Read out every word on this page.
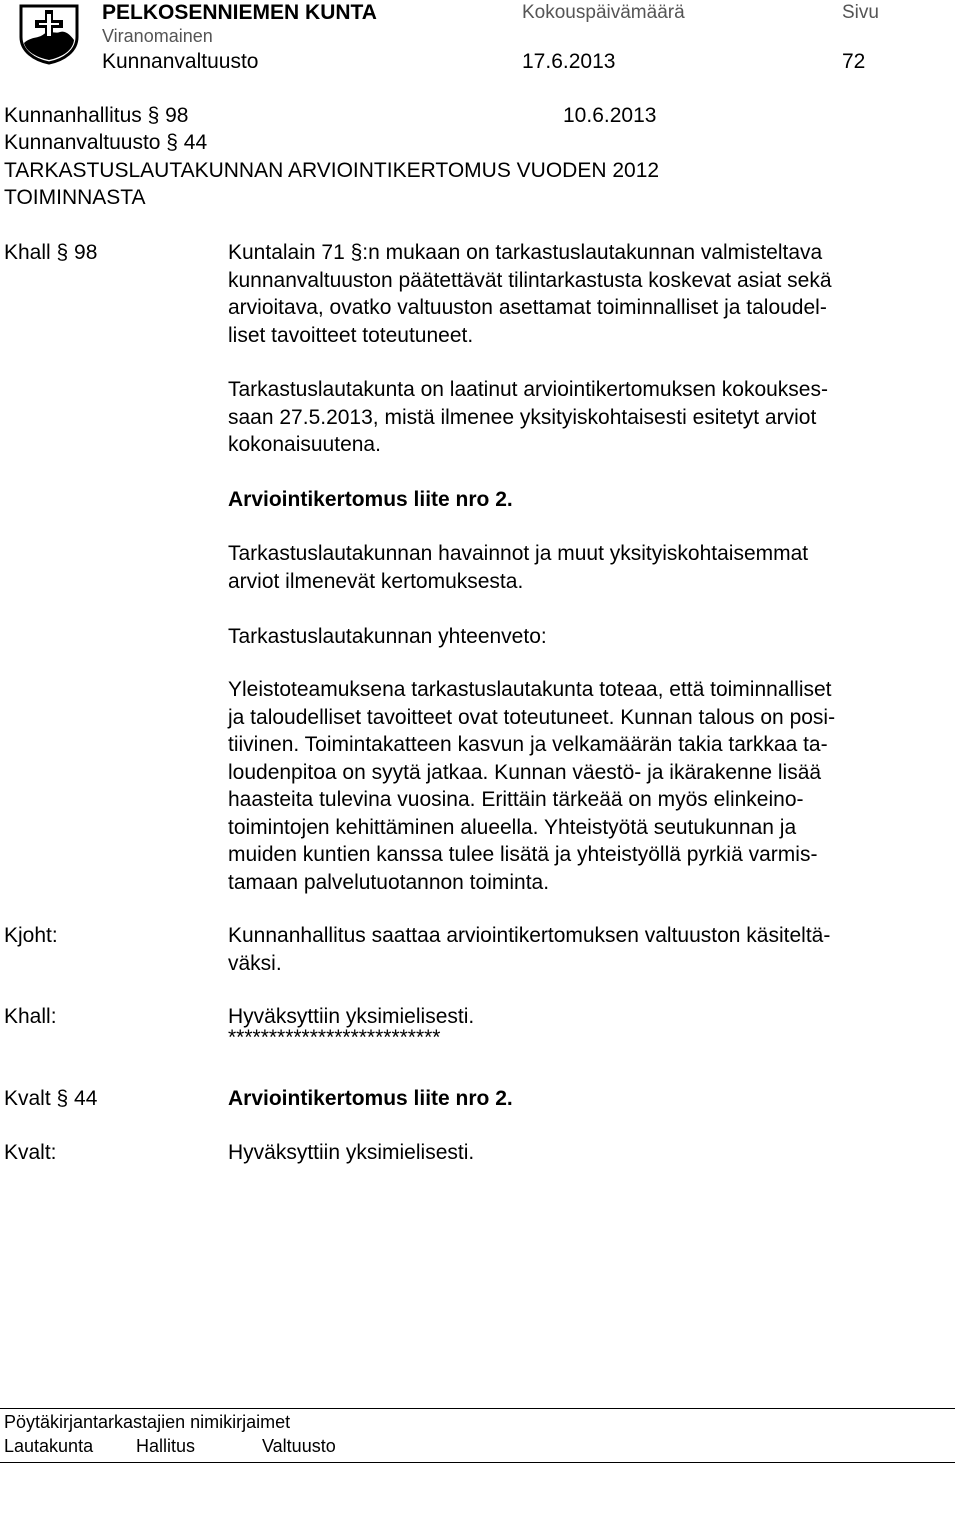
PELKOSENNIEMEN KUNTA	Kokouspäivämäärä	Sivu
Viranomainen
Kunnanvaltuusto	17.6.2013	72
Kunnanhallitus § 98	10.6.2013
Kunnanvaltuusto § 44
TARKASTUSLAUTAKUNNAN ARVIOINTIKERTOMUS VUODEN 2012
TOIMINNASTA
Khall § 98	Kuntalain 71 §:n mukaan on tarkastuslautakunnan valmisteltava
kunnanvaltuuston päätettävät tilintarkastusta koskevat asiat sekä
arvioitava, ovatko valtuuston asettamat toiminnalliset ja taloudel-
liset tavoitteet toteutuneet.
Tarkastuslautakunta on laatinut arviointikertomuksen kokoukses-
saan 27.5.2013, mistä ilmenee yksityiskohtaisesti esitetyt arviot
kokonaisuutena.
Arviointikertomus liite nro 2.
Tarkastuslautakunnan havainnot ja muut yksityiskohtaisemmat
arviot ilmenevät kertomuksesta.
Tarkastuslautakunnan yhteenveto:
Yleistoteamuksena tarkastuslautakunta toteaa, että toiminnalliset
ja taloudelliset tavoitteet ovat toteutuneet. Kunnan talous on posi-
tiivinen. Toimintakatteen kasvun ja velkamäärän takia tarkkaa ta-
loudenpitoa on syytä jatkaa. Kunnan väestö- ja ikärakenne lisää
haasteita tulevina vuosina. Erittäin tärkeää on myös elinkeino-
toimintojen kehittäminen alueella. Yhteistyötä seutukunnan ja
muiden kuntien kanssa tulee lisätä ja yhteistyöllä pyrkiä varmis-
tamaan palvelutuotannon toiminta.
Kjoht:	Kunnanhallitus saattaa arviointikertomuksen valtuuston käsiteltä-
väksi.
Khall:	Hyväksyttiin yksimielisesti.
**************************
Kvalt § 44	Arviointikertomus liite nro 2.
Kvalt:	Hyväksyttiin yksimielisesti.
Pöytäkirjantarkastajien nimikirjaimet
Lautakunta Hallitus	Valtuusto
